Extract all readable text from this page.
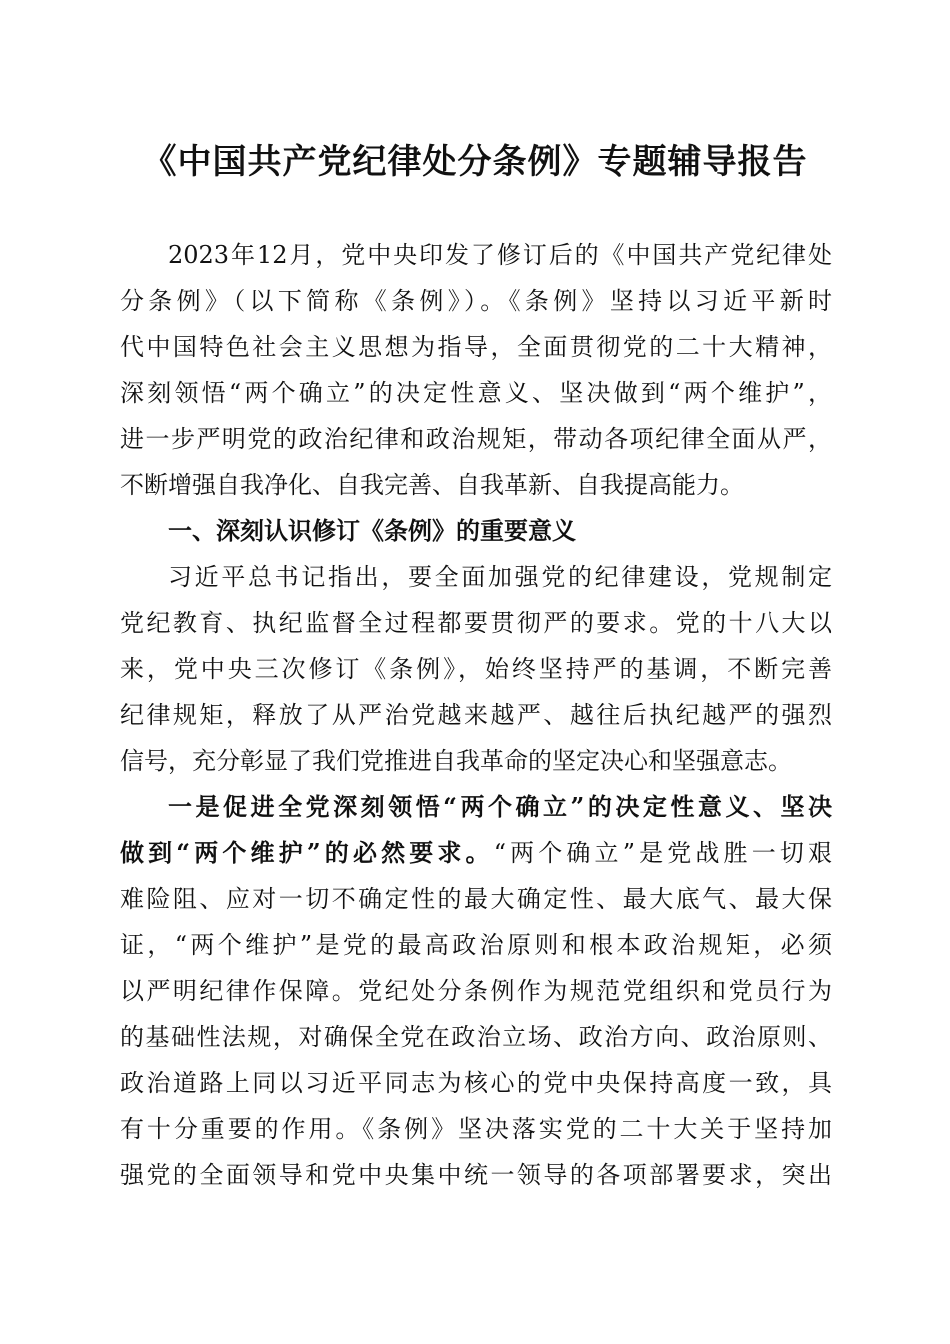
《中国共产党纪律处分条例》专题辅导报告
2023年12月，党中央印发了修订后的《中国共产党纪律处
分条例》（以下简称《条例》）。《条例》坚持以习近平新时
代中国特色社会主义思想为指导，全面贯彻党的二十大精神，
深刻领悟“两个确立”的决定性意义、坚决做到“两个维护”，
进一步严明党的政治纪律和政治规矩，带动各项纪律全面从严，
不断增强自我净化、自我完善、自我革新、自我提高能力。
一、深刻认识修订《条例》的重要意义
习近平总书记指出，要全面加强党的纪律建设，党规制定
党纪教育、执纪监督全过程都要贯彻严的要求。党的十八大以
来，党中央三次修订《条例》，始终坚持严的基调，不断完善
纪律规矩，释放了从严治党越来越严、越往后执纪越严的强烈
信号，充分彰显了我们党推进自我革命的坚定决心和坚强意志。
一是促进全党深刻领悟“两个确立”的决定性意义、坚决
做到“两个维护”的必然要求。“两个确立”是党战胜一切艰
难险阻、应对一切不确定性的最大确定性、最大底气、最大保
证，“两个维护”是党的最高政治原则和根本政治规矩，必须
以严明纪律作保障。党纪处分条例作为规范党组织和党员行为
的基础性法规，对确保全党在政治立场、政治方向、政治原则、
政治道路上同以习近平同志为核心的党中央保持高度一致，具
有十分重要的作用。《条例》坚决落实党的二十大关于坚持加
强党的全面领导和党中央集中统一领导的各项部署要求，突出
